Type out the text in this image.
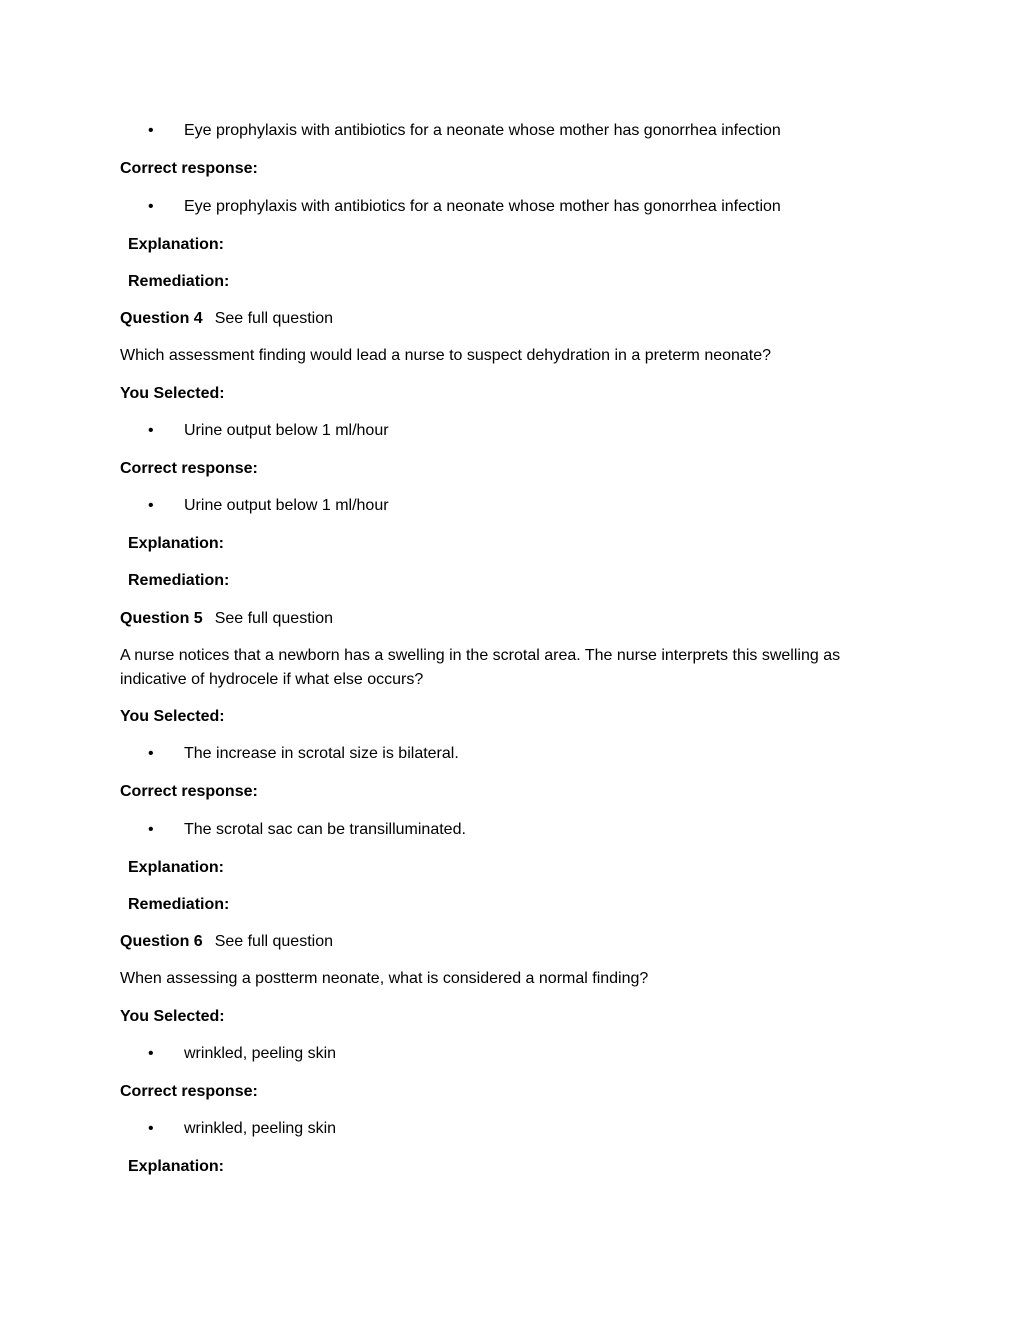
• Eye prophylaxis with antibiotics for a neonate whose mother has gonorrhea infection
Correct response:
• Eye prophylaxis with antibiotics for a neonate whose mother has gonorrhea infection
Explanation:
Remediation:
Question 4 See full question
Which assessment finding would lead a nurse to suspect dehydration in a preterm neonate?
You Selected:
• Urine output below 1 ml/hour
Correct response:
• Urine output below 1 ml/hour
Explanation:
Remediation:
Question 5 See full question
A nurse notices that a newborn has a swelling in the scrotal area. The nurse interprets this swelling as indicative of hydrocele if what else occurs?
You Selected:
• The increase in scrotal size is bilateral.
Correct response:
• The scrotal sac can be transilluminated.
Explanation:
Remediation:
Question 6 See full question
When assessing a postterm neonate, what is considered a normal finding?
You Selected:
• wrinkled, peeling skin
Correct response:
• wrinkled, peeling skin
Explanation:
